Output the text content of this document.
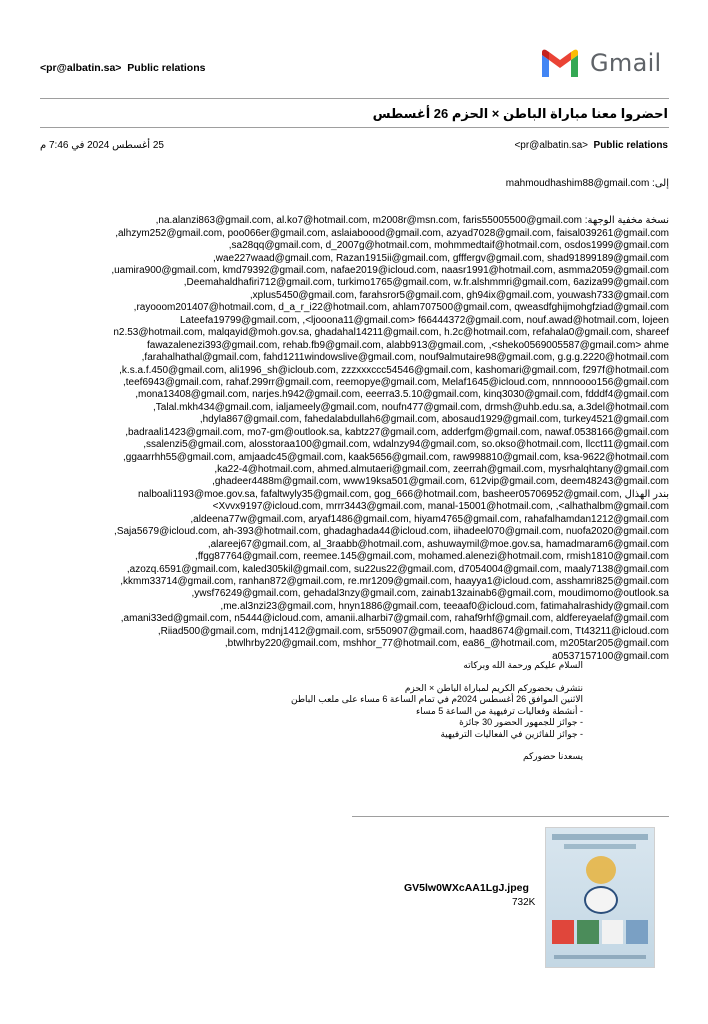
<pr@albatin.sa> Public relations	Gmail
احضروا معنا مباراة الباطن × الحزم 26 أغسطس
25 أغسطس 2024 في 7:46 م	<pr@albatin.sa> Public relations

إلى: mahmoudhashim88@gmail.com

نسخة مخفية الوجهة: na.alanzi863@gmail.com, al.ko7@hotmail.com, m2008r@msn.com, faris55005500@gmail.com,
alhzym252@gmail.com, poo066er@gmail.com, aslaiaboood@gmail.com, azyad7028@gmail.com, faisal039261@gmail.com,
sa28qq@gmail.com, d_2007g@hotmail.com, mohmmedtaif@hotmail.com, osdos1999@gmail.com,
wae227waad@gmail.com, Razan1915ii@gmail.com, gfffergv@gmail.com, shad91899189@gmail.com,
uamira900@gmail.com, kmd79392@gmail.com, nafae2019@icloud.com, naasr1991@hotmail.com, asmma2059@gmail.com,
Deemahaldhafiri712@gmail.com, turkimo1765@gmail.com, w.fr.alshmmri@gmail.com, 6aziza99@gmail.com,
xplus5450@gmail.com, farahsror5@gmail.com, gh94ix@gmail.com, youwash733@gmail.com,
rayooom201407@hotmail.com, d_a_r_i22@hotmail.com, ahlam707500@gmail.com, qweasdfghijmohgfziad@gmail.com,
Lateefa19799@gmail.com, ,<ljooona11@gmail.com> f66444372@gmail.com, nouf.awad@hotmail.com, lojeen
n2.53@hotmail.com, malqayid@moh.gov.sa, ghadahal14211@gmail.com, h.2c@hotmail.com, refahala0@gmail.com, shareef
fawazalenezi393@gmail.com, rehab.fb9@gmail.com, alabb913@gmail.com, ,<sheko0569005587@gmail.com> ahme
farahalhathal@gmail.com, fahd1211windowslive@gmail.com, nouf9almutaire98@gmail.com, g.g.g.2220@hotmail.com,
k.s.a.f.450@gmail.com, ali1996_sh@icloub.com, zzzxxxccc54546@gmail.com, kashomari@gmail.com, f297f@hotmail.com,
teef6943@gmail.com, rahaf.299rr@gmail.com, reemopye@gmail.com, Melaf1645@icloud.com, nnnnoooo156@gmail.com,
mona13408@gmail.com, narjes.h942@gmail.com, eeerra3.5.10@gmail.com, kinq3030@gmail.com, fdddf4@gmail.com,
Talal.mkh434@gmail.com, ialjameely@gmail.com, noufn477@gmail.com, drmsh@uhb.edu.sa, a.3del@hotmail.com,
hdyla867@gmail.com, fahedalabdullah6@gmail.com, abosaud1929@gmail.com, turkey4521@gmail.com,
badraali1423@gmail.com, mo7-gm@outlook.sa, kabtz27@gmail.com, adderfgm@gmail.com, nawaf.0538166@gmail.com,
ssalenzi5@gmail.com, alosstoraa100@gmail.com, wdalnzy94@gmail.com, so.okso@hotmail.com, llcct11@gmail.com,
ggaarrhh55@gmail.com, amjaadc45@gmail.com, kaak5656@gmail.com, raw998810@gmail.com, ksa-9622@hotmail.com,
ka22-4@hotmail.com, ahmed.almutaeri@gmail.com, zeerrah@gmail.com, mysrhalqhtany@gmail.com,
ghadeer4488m@gmail.com, www19ksa501@gmail.com, 612vip@gmail.com, deem48243@gmail.com,
بندر الهذال ,nalboali1193@moe.gov.sa, fafaltwyly35@gmail.com, gog_666@hotmail.com, basheer05706952@gmail.com
Xvvx9197@icloud.com, mrrr3443@gmail.com, manal-15001@hotmail.com, ,<alhathalbm@gmail.com>
aldeena77w@gmail.com, aryaf1486@gmail.com, hiyam4765@gmail.com, rahafalhamdan1212@gmail.com,
Saja5679@icloud.com, ah-393@hotmail.com, ghadaghada44@icloud.com, iihadeel070@gmail.com, nuofa2020@gmail.com,
alareej67@gmail.com, al_3raabb@hotmail.com, ashuwaymil@moe.gov.sa, hamadmaram6@gmail.com,
ffgg87764@gmail.com, reemee.145@gmail.com, mohamed.alenezi@hotmail.com, rmish1810@gmail.com,
azozq.6591@gmail.com, kaled305kil@gmail.com, su22us22@gmail.com, d7054004@gmail.com, maaly7138@gmail.com,
kkmm33714@gmail.com, ranhan872@gmail.com, re.mr1209@gmail.com, haayya1@icloud.com, asshamri825@gmail.com,
ywsf76249@gmail.com, gehadal3nzy@gmail.com, zainab13zainab6@gmail.com, moudimomo@outlook.sa,
me.al3nzi23@gmail.com, hnyn1886@gmail.com, teeaaf0@icloud.com, fatimahalrashidy@gmail.com,
amani33ed@gmail.com, n5444@icloud.com, amanii.alharbi7@gmail.com, rahaf9rhf@gmail.com, aldfereyaelaf@gmail.com,
Riiad500@gmail.com, mdnj1412@gmail.com, sr550907@gmail.com, haad8674@gmail.com, Tt43211@icloud.com,
btwlhrby220@gmail.com, mshhor_77@hotmail.com, ea86_@hotmail.com, m205tar205@gmail.com,
a0537157100@gmail.com

السلام عليكم ورحمة الله وبركاته

نتشرف بحضوركم الكريم لمباراة الباطن × الحزم

الاثنين الموافق 26 أغسطس 2024م في تمام الساعة 6 مساء على ملعب الباطن

- أنشطة وفعاليات ترفيهية من الساعة 5 مساء

- جوائز للجمهور الحضور 30 جائزة

- جوائز للفائزين في الفعاليات الترفيهية

يسعدنا حضوركم

GV5lw0WXcAA1LgJ.jpeg
732K
